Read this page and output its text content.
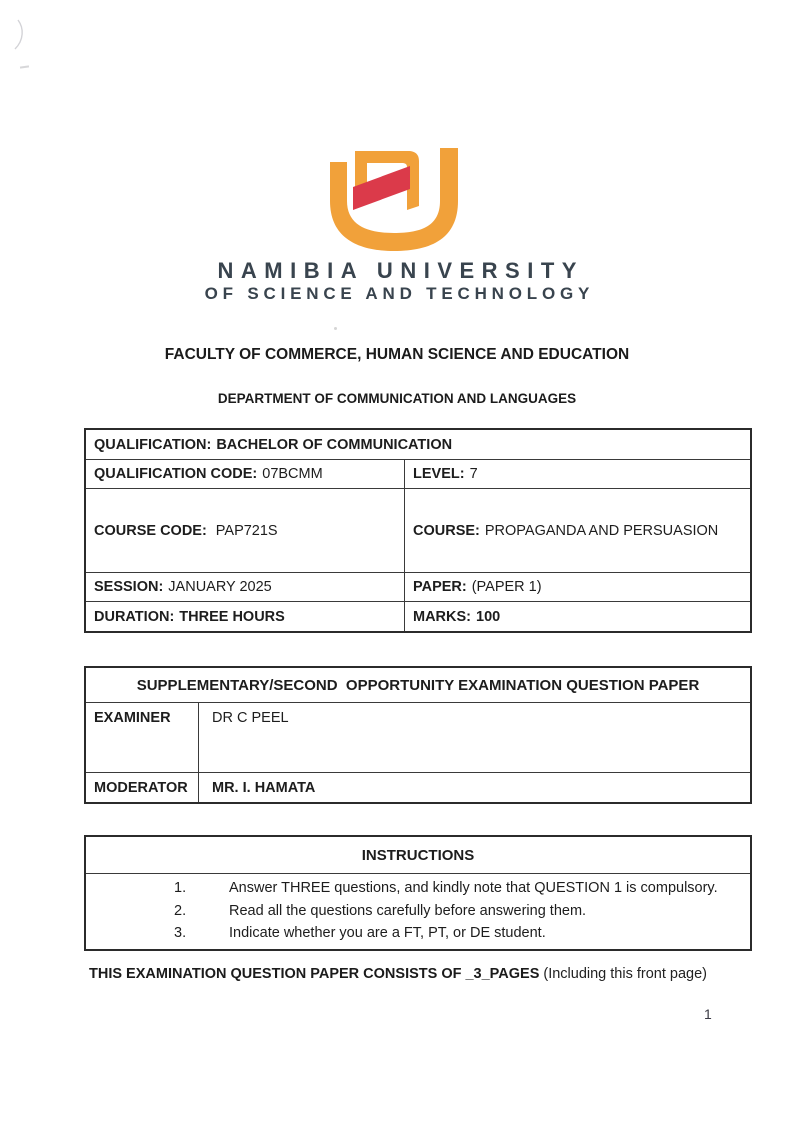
NAMIBIA UNIVERSITY
OF SCIENCE AND TECHNOLOGY
FACULTY OF COMMERCE, HUMAN SCIENCE AND EDUCATION
DEPARTMENT OF COMMUNICATION AND LANGUAGES
QUALIFICATION: BACHELOR OF COMMUNICATION
QUALIFICATION CODE: 07BCMM	LEVEL: 7
COURSE CODE: PAP721S	COURSE: PROPAGANDA AND PERSUASION
SESSION: JANUARY 2025	PAPER: (PAPER 1)
DURATION: THREE HOURS	MARKS: 100
SUPPLEMENTARY/SECOND  OPPORTUNITY EXAMINATION QUESTION PAPER
EXAMINER	DR C PEEL
MODERATOR MR. I. HAMATA
INSTRUCTIONS
1.	Answer THREE questions, and kindly note that QUESTION 1 is compulsory.
2.	Read all the questions carefully before answering them.
3.	Indicate whether you are a FT, PT, or DE student.
THIS EXAMINATION QUESTION PAPER CONSISTS OF _3_PAGES (Including this front page)
1
